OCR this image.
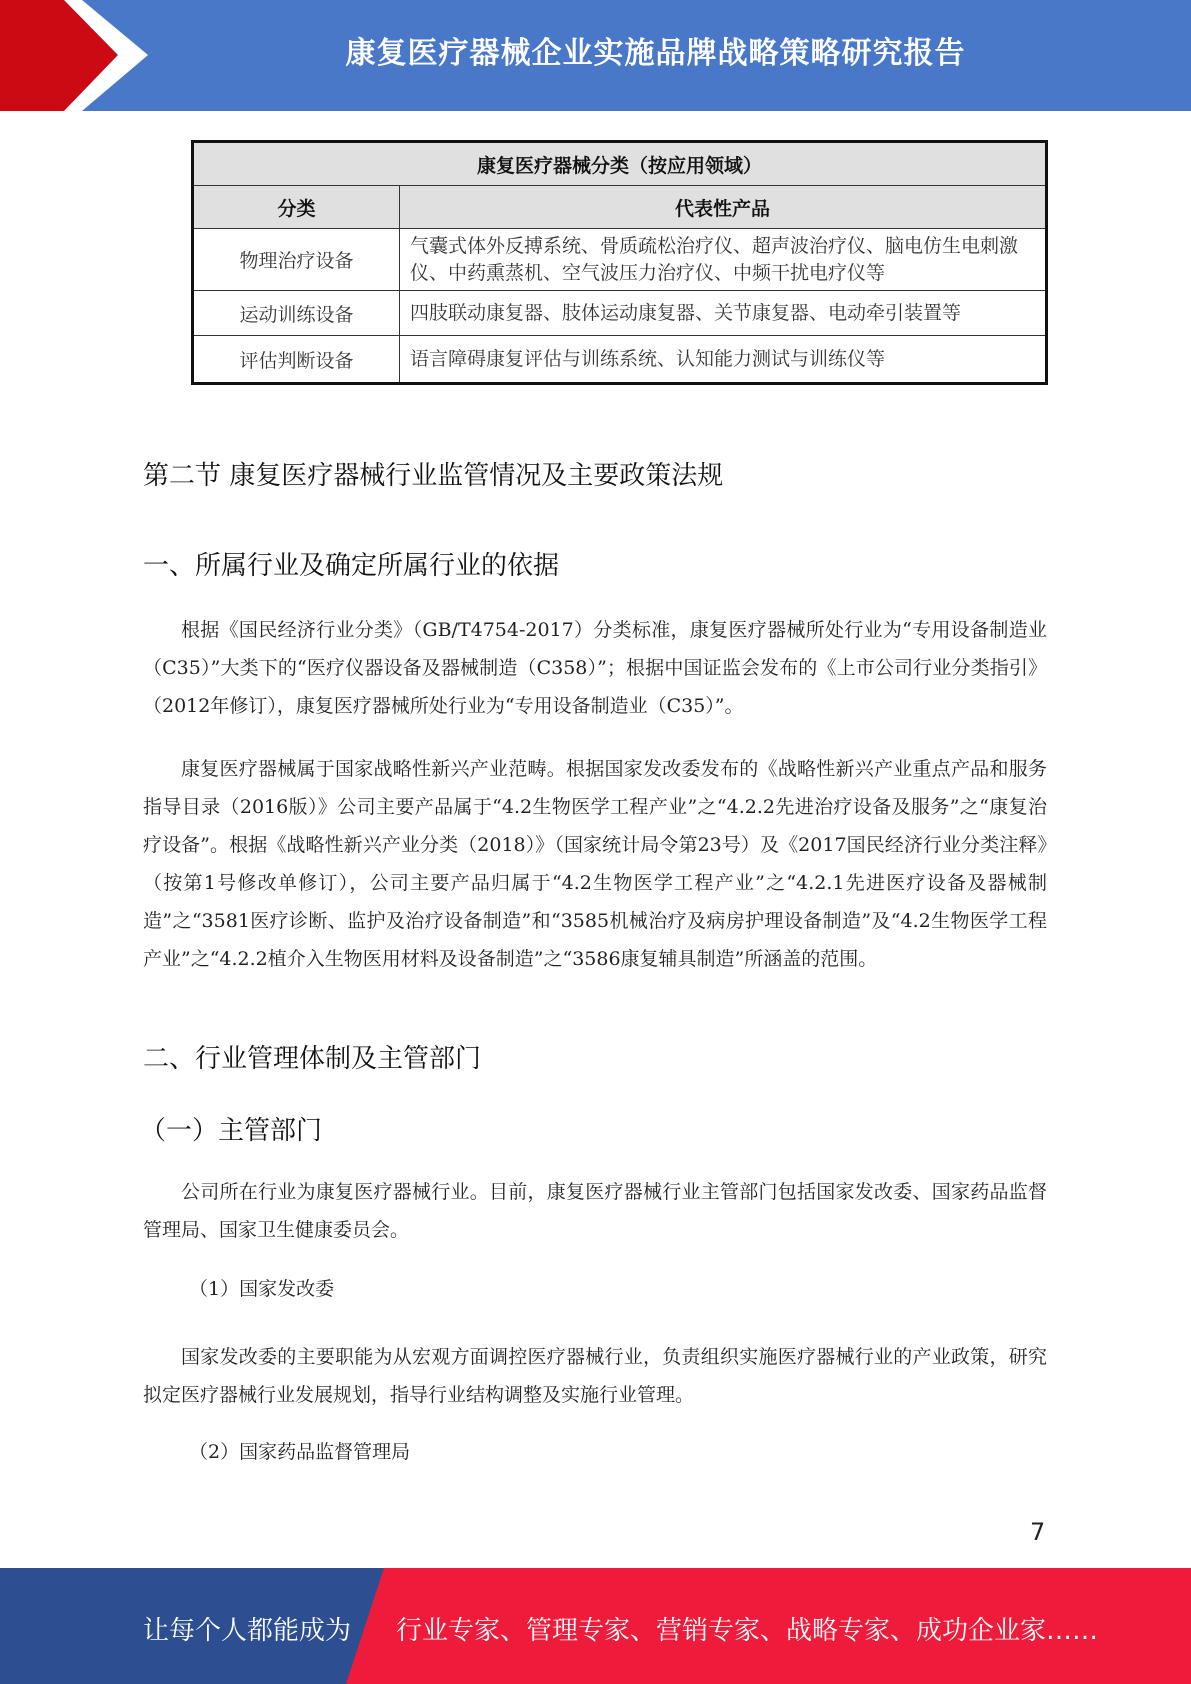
康复医疗器械企业实施品牌战略策略研究报告
康复医疗器械分类（按应用领域）	
分类	代表性产品
物理治疗设备	气囊式体外反搏系统、骨质疏松治疗仪、超声波治疗仪、脑电仿生电刺激仪、中药熏蒸机、空气波压力治疗仪、中频干扰电疗仪等
运动训练设备	四肢联动康复器、肢体运动康复器、关节康复器、电动牵引装置等
评估判断设备	语言障碍康复评估与训练系统、认知能力测试与训练仪等
第二节 康复医疗器械行业监管情况及主要政策法规
一、所属行业及确定所属行业的依据

根据《国民经济行业分类》（GB/T4754-2017）分类标准，康复医疗器械所处行业为“专用设备制造业（C35）”大类下的“医疗仪器设备及器械制造（C358）”；根据中国证监会发布的《上市公司行业分类指引》（2012年修订），康复医疗器械所处行业为“专用设备制造业（C35）”。

康复医疗器械属于国家战略性新兴产业范畴。根据国家发改委发布的《战略性新兴产业重点产品和服务指导目录（2016版）》公司主要产品属于“4.2生物医学工程产业”之“4.2.2先进治疗设备及服务”之“康复治疗设备”。根据《战略性新兴产业分类（2018）》（国家统计局令第23号）及《2017国民经济行业分类注释》（按第1号修改单修订），公司主要产品归属于“4.2生物医学工程产业”之“4.2.1先进医疗设备及器械制造”之“3581医疗诊断、监护及治疗设备制造”和“3585机械治疗及病房护理设备制造”及“4.2生物医学工程产业”之“4.2.2植介入生物医用材料及设备制造”之“3586康复辅具制造”所涵盖的范围。

二、行业管理体制及主管部门
（一）主管部门

公司所在行业为康复医疗器械行业。目前，康复医疗器械行业主管部门包括国家发改委、国家药品监督管理局、国家卫生健康委员会。

（1）国家发改委

国家发改委的主要职能为从宏观方面调控医疗器械行业，负责组织实施医疗器械行业的产业政策，研究拟定医疗器械行业发展规划，指导行业结构调整及实施行业管理。

（2）国家药品监督管理局

7
让每个人都能成为 行业专家、管理专家、营销专家、战略专家、成功企业家……
